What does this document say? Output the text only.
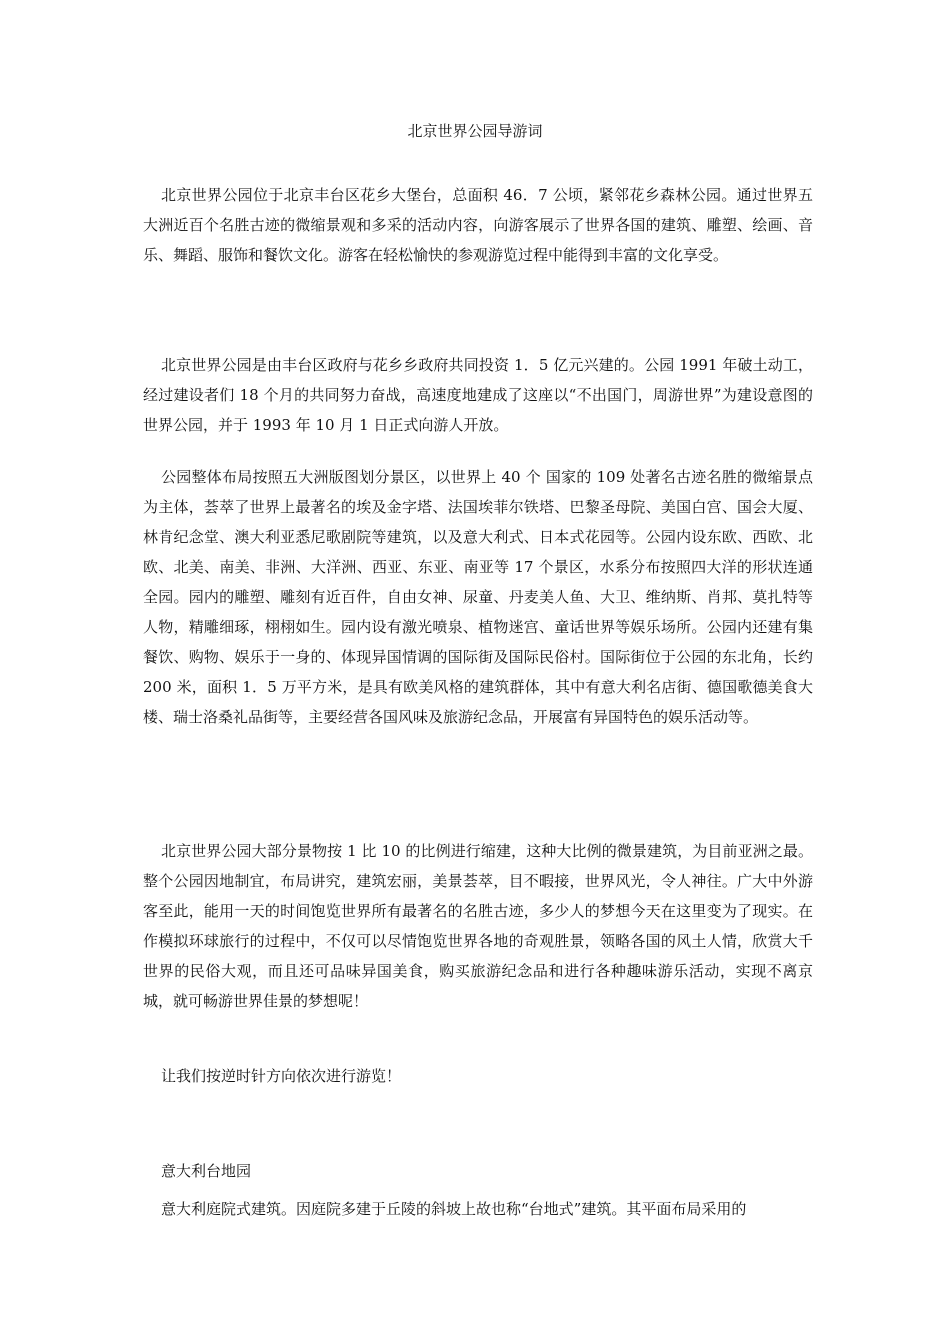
北京世界公园导游词

北京世界公园位于北京丰台区花乡大堡台，总面积 46．7 公顷，紧邻花乡森林公园。通过世界五大洲近百个名胜古迹的微缩景观和多采的活动内容，向游客展示了世界各国的建筑、雕塑、绘画、音乐、舞蹈、服饰和餐饮文化。游客在轻松愉快的参观游览过程中能得到丰富的文化享受。

北京世界公园是由丰台区政府与花乡乡政府共同投资 1．5 亿元兴建的。公园 1991 年破土动工，经过建设者们 18 个月的共同努力奋战，高速度地建成了这座以“不出国门，周游世界”为建设意图的世界公园，并于 1993 年 10 月 1 日正式向游人开放。

公园整体布局按照五大洲版图划分景区，以世界上 40 个 国家的 109 处著名古迹名胜的微缩景点为主体，荟萃了世界上最著名的埃及金字塔、法国埃菲尔铁塔、巴黎圣母院、美国白宫、国会大厦、林肯纪念堂、澳大利亚悉尼歌剧院等建筑，以及意大利式、日本式花园等。公园内设东欧、西欧、北欧、北美、南美、非洲、大洋洲、西亚、东亚、南亚等 17 个景区，水系分布按照四大洋的形状连通全园。园内的雕塑、雕刻有近百件，自由女神、尿童、丹麦美人鱼、大卫、维纳斯、肖邦、莫扎特等人物，精雕细琢，栩栩如生。园内设有激光喷泉、植物迷宫、童话世界等娱乐场所。公园内还建有集餐饮、购物、娱乐于一身的、体现异国情调的国际街及国际民俗村。国际街位于公园的东北角，长约 200 米，面积 1．5 万平方米，是具有欧美风格的建筑群体，其中有意大利名店街、德国歌德美食大楼、瑞士洛桑礼品街等，主要经营各国风味及旅游纪念品，开展富有异国特色的娱乐活动等。

北京世界公园大部分景物按 1 比 10 的比例进行缩建，这种大比例的微景建筑，为目前亚洲之最。整个公园因地制宜，布局讲究，建筑宏丽，美景荟萃，目不暇接，世界风光，令人神往。广大中外游客至此，能用一天的时间饱览世界所有最著名的名胜古迹，多少人的梦想今天在这里变为了现实。在作模拟环球旅行的过程中，不仅可以尽情饱览世界各地的奇观胜景，领略各国的风土人情，欣赏大千世界的民俗大观，而且还可品味异国美食，购买旅游纪念品和进行各种趣味游乐活动，实现不离京城，就可畅游世界佳景的梦想呢！

让我们按逆时针方向依次进行游览！

意大利台地园

意大利庭院式建筑。因庭院多建于丘陵的斜坡上故也称“台地式”建筑。其平面布局采用的
